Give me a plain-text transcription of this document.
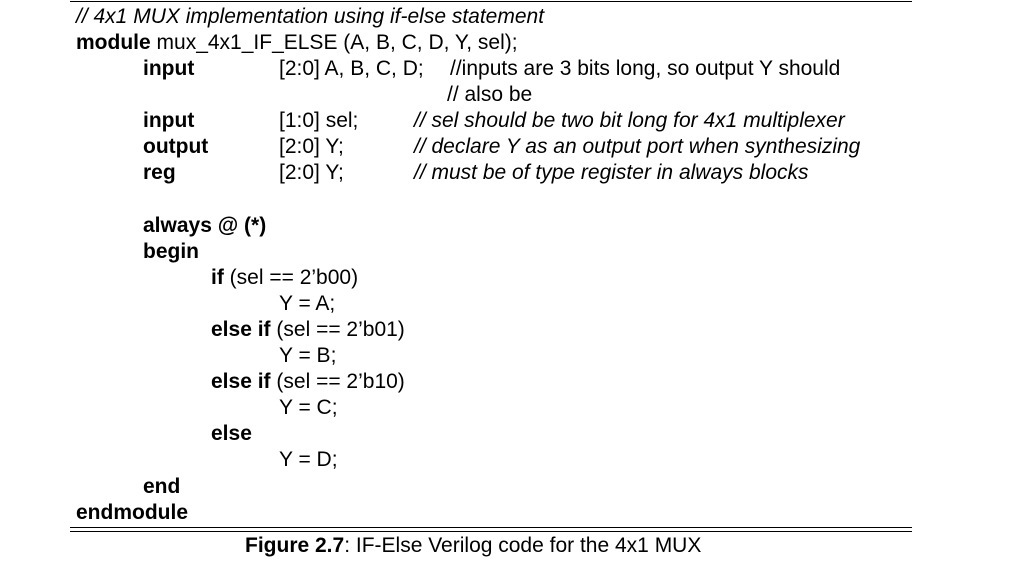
// 4x1 MUX implementation using if-else statement
module mux_4x1_IF_ELSE (A, B, C, D, Y, sel);
input	[2:0] A, B, C, D; //inputs are 3 bits long, so output Y should
// also be
input	[1:0] sel;	// sel should be two bit long for 4x1 multiplexer
output	[2:0] Y;	// declare Y as an output port when synthesizing
reg	[2:0] Y;	// must be of type register in always blocks
always @ (*)
begin
if (sel == 2’b00)
Y = A;
else if (sel == 2’b01)
Y = B;
else if (sel == 2’b10)
Y = C;
else
Y = D;
end
endmodule
Figure 2.7: IF-Else Verilog code for the 4x1 MUX
